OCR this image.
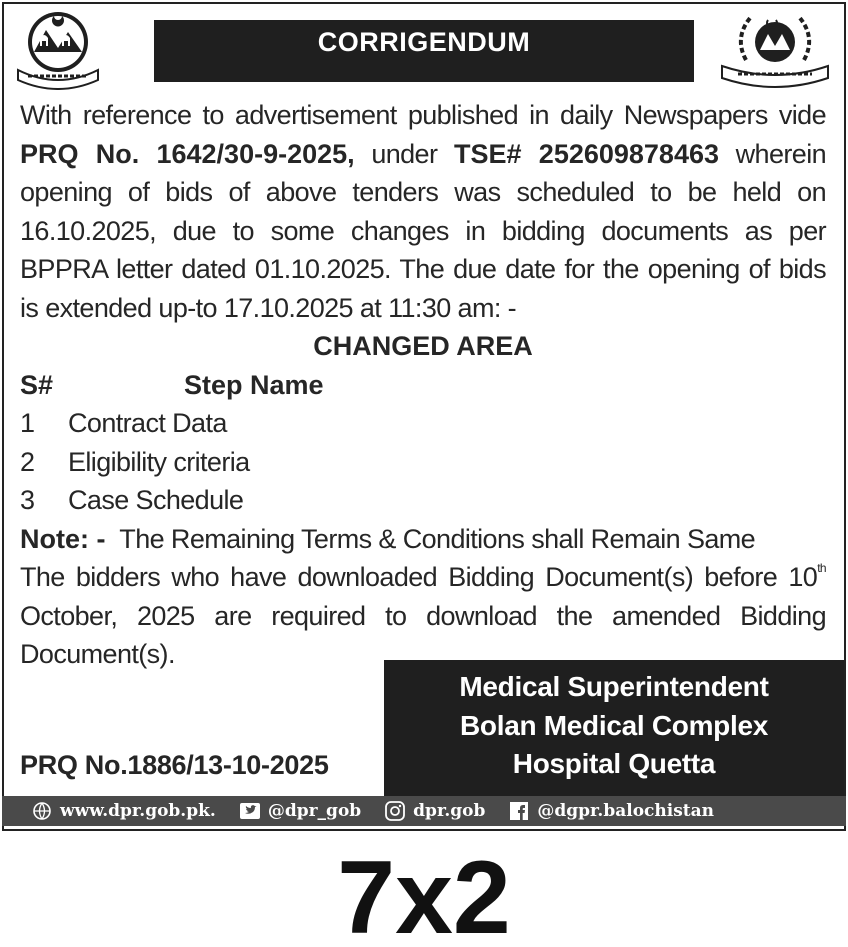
CORRIGENDUM
With reference to advertisement published in daily Newspapers vide PRQ No. 1642/30-9-2025, under TSE# 252609878463 wherein opening of bids of above tenders was scheduled to be held on 16.10.2025, due to some changes in bidding documents as per BPPRA letter dated 01.10.2025. The due date for the opening of bids is extended up-to 17.10.2025 at 11:30 am: -
CHANGED AREA
S#	Step Name
1 Contract Data
2 Eligibility criteria
3 Case Schedule
Note: - The Remaining Terms & Conditions shall Remain Same
The bidders who have downloaded Bidding Document(s) before 10th October, 2025 are required to download the amended Bidding Document(s).
PRQ No.1886/13-10-2025
Medical Superintendent
Bolan Medical Complex
Hospital Quetta
www.dpr.gob.pk.	@dpr_gob	dpr.gob	@dgpr.balochistan
7x2
